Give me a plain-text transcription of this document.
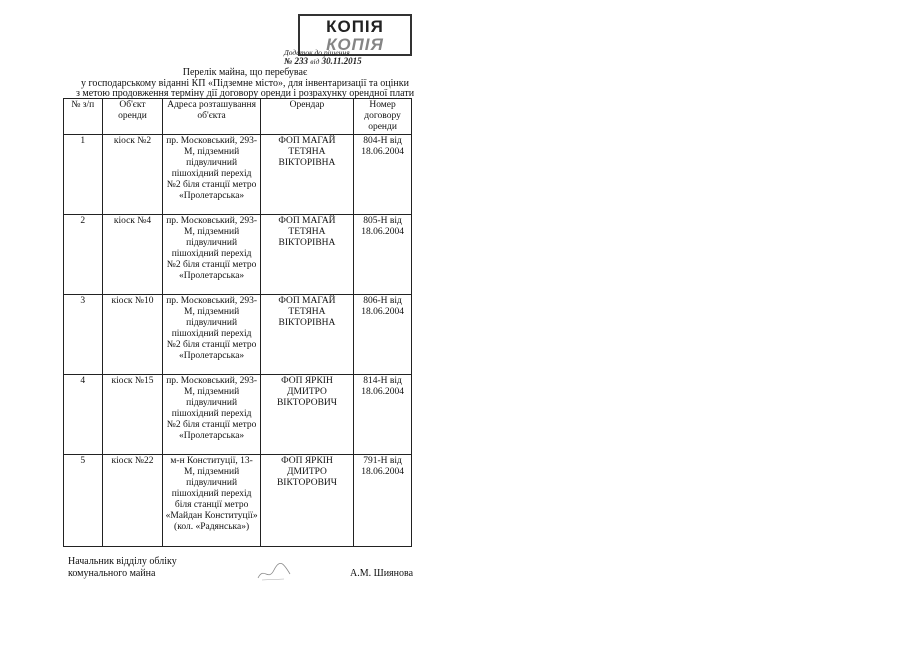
КОПІЯ
КОПІЯ
Додаток до рішення
№ 233 від 30.11.2015
Перелік майна, що перебуває
у господарському віданні КП «Підземне місто», для інвентаризації та оцінки
з метою продовження терміну дії договору оренди і розрахунку орендної плати
№ з/п	Об'єкт оренди	Адреса розташування об'єкта	Орендар	Номер договору оренди
1	кіоск №2	пр. Московський, 293-М, підземний підвуличний пішохідний перехід №2 біля станції метро «Пролетарська»	ФОП МАГАЙ ТЕТЯНА ВІКТОРІВНА	804-Н від 18.06.2004
2	кіоск №4	пр. Московський, 293-М, підземний підвуличний пішохідний перехід №2 біля станції метро «Пролетарська»	ФОП МАГАЙ ТЕТЯНА ВІКТОРІВНА	805-Н від 18.06.2004
3	кіоск №10	пр. Московський, 293-М, підземний підвуличний пішохідний перехід №2 біля станції метро «Пролетарська»	ФОП МАГАЙ ТЕТЯНА ВІКТОРІВНА	806-Н від 18.06.2004
4	кіоск №15	пр. Московський, 293-М, підземний підвуличний пішохідний перехід №2 біля станції метро «Пролетарська»	ФОП ЯРКІН ДМИТРО ВІКТОРОВИЧ	814-Н від 18.06.2004
5	кіоск №22	м-н Конституції, 13-М, підземний підвуличний пішохідний перехід біля станції метро «Майдан Конституції» (кол. «Радянська»)	ФОП ЯРКІН ДМИТРО ВІКТОРОВИЧ	791-Н від 18.06.2004
Начальник відділу обліку
комунального майна	А.М. Шиянова
